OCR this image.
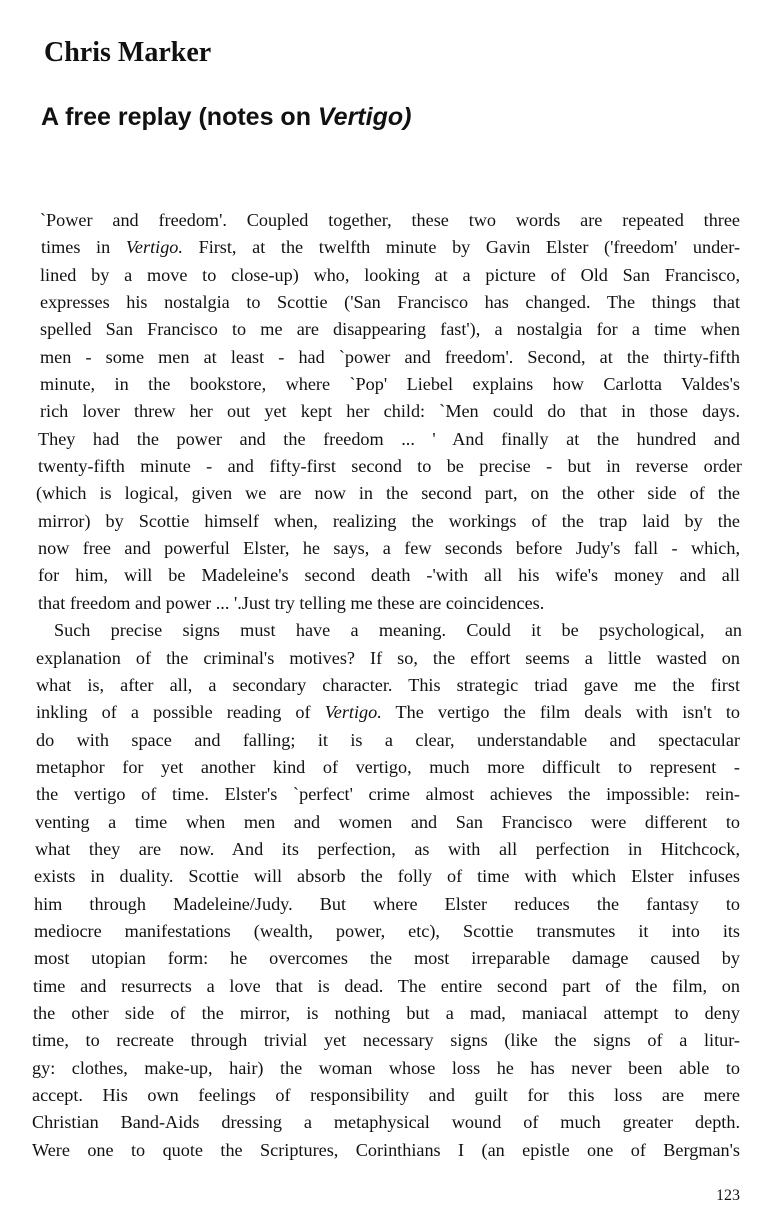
Chris Marker
A free replay (notes on Vertigo)
`Power and freedom'. Coupled together, these two words are repeated three
times in Vertigo. First, at the twelfth minute by Gavin Elster ('freedom' under-
lined by a move to close-up) who, looking at a picture of Old San Francisco,
expresses his nostalgia to Scottie ('San Francisco has changed. The things that
spelled San Francisco to me are disappearing fast'), a nostalgia for a time when
men - some men at least - had `power and freedom'. Second, at the thirty-fifth
minute, in the bookstore, where `Pop' Liebel explains how Carlotta Valdes's
rich lover threw her out yet kept her child: `Men could do that in those days.
They had the power and the freedom ... ' And finally at the hundred and
twenty-fifth minute - and fifty-first second to be precise - but in reverse order
(which is logical, given we are now in the second part, on the other side of the
mirror) by Scottie himself when, realizing the workings of the trap laid by the
now free and powerful Elster, he says, a few seconds before Judy's fall - which,
for him, will be Madeleine's second death -'with all his wife's money and all
that freedom and power ... '.Just try telling me these are coincidences.
Such precise signs must have a meaning. Could it be psychological, an
explanation of the criminal's motives? If so, the effort seems a little wasted on
what is, after all, a secondary character. This strategic triad gave me the first
inkling of a possible reading of Vertigo. The vertigo the film deals with isn't to
do with space and falling; it is a clear, understandable and spectacular
metaphor for yet another kind of vertigo, much more difficult to represent -
the vertigo of time. Elster's `perfect' crime almost achieves the impossible: rein-
venting a time when men and women and San Francisco were different to
what they are now. And its perfection, as with all perfection in Hitchcock,
exists in duality. Scottie will absorb the folly of time with which Elster infuses
him through Madeleine/Judy. But where Elster reduces the fantasy to
mediocre manifestations (wealth, power, etc), Scottie transmutes it into its
most utopian form: he overcomes the most irreparable damage caused by
time and resurrects a love that is dead. The entire second part of the film, on
the other side of the mirror, is nothing but a mad, maniacal attempt to deny
time, to recreate through trivial yet necessary signs (like the signs of a litur-
gy: clothes, make-up, hair) the woman whose loss he has never been able to
accept. His own feelings of responsibility and guilt for this loss are mere
Christian Band-Aids dressing a metaphysical wound of much greater depth.
Were one to quote the Scriptures, Corinthians I (an epistle one of Bergman's
123
